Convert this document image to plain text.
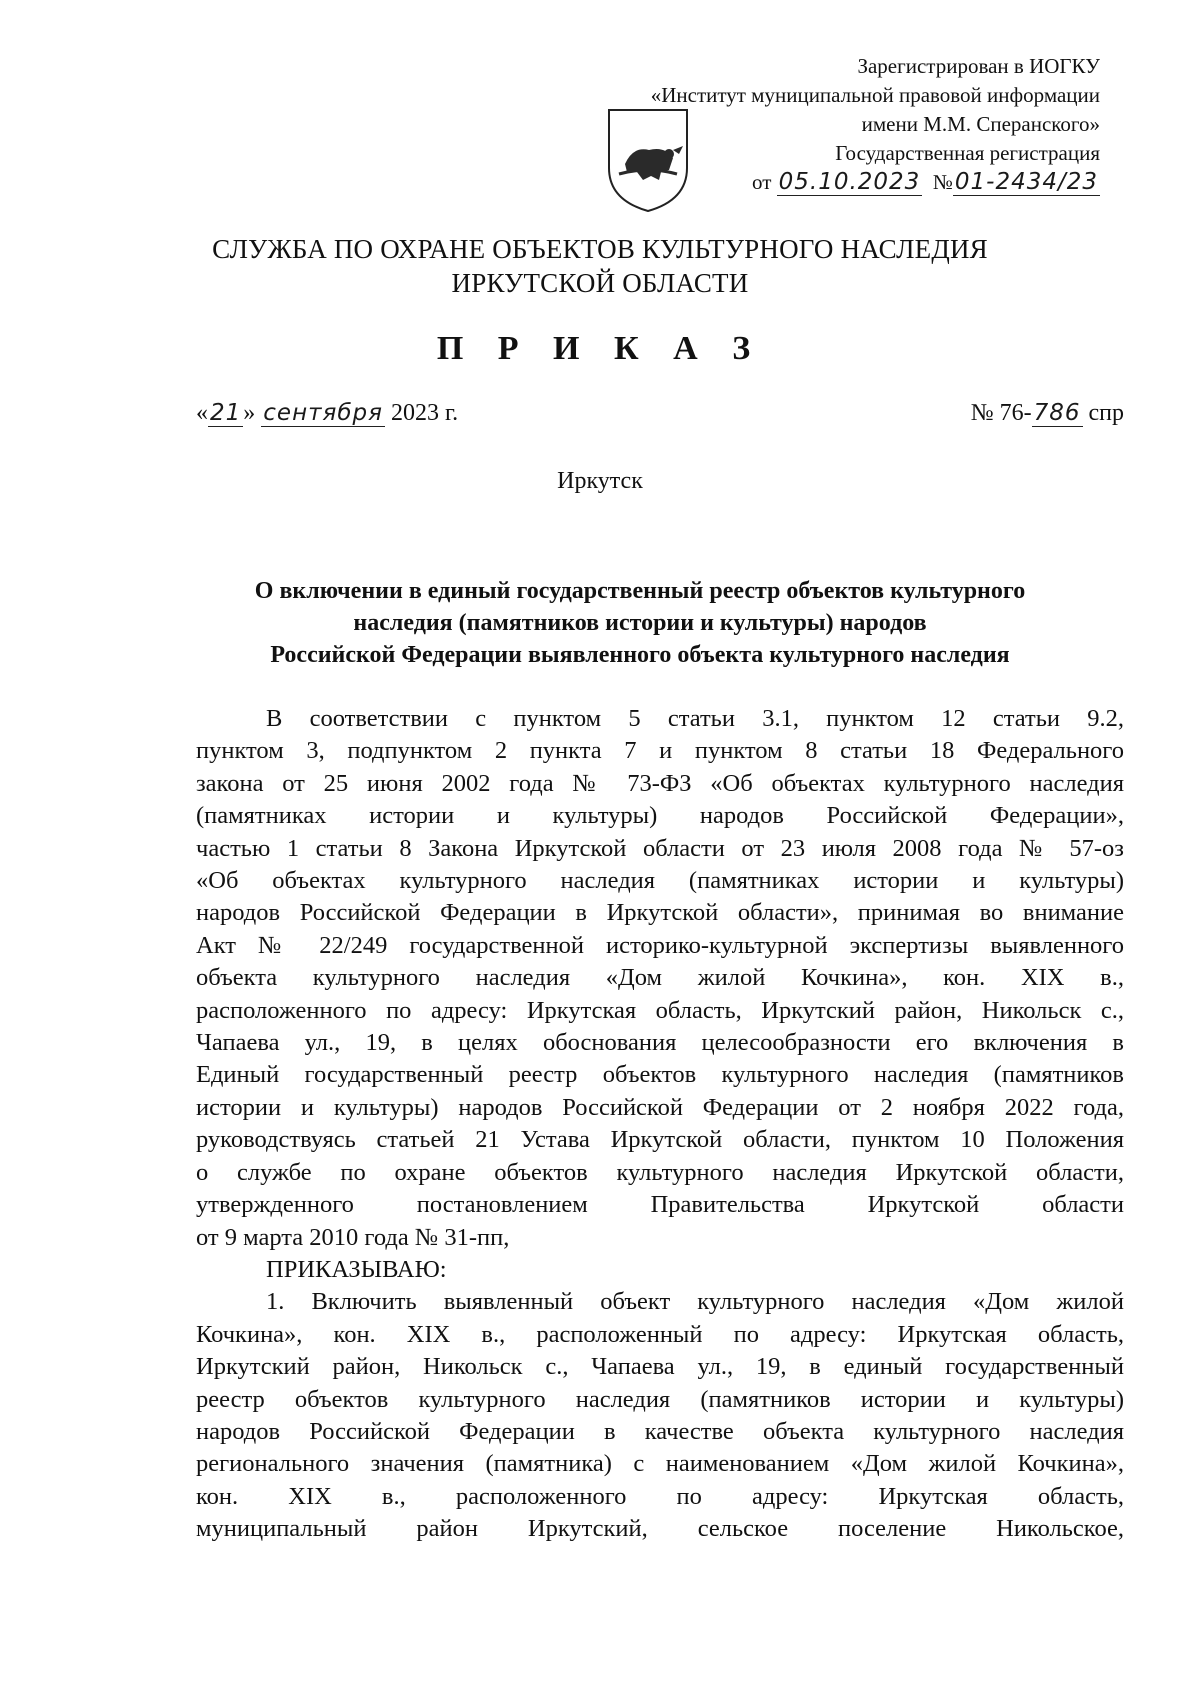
Зарегистрирован в ИОГКУ
«Институт муниципальной правовой информации
имени М.М. Сперанского»
Государственная регистрация
от 05.10.2023 №01-2434/23
СЛУЖБА ПО ОХРАНЕ ОБЪЕКТОВ КУЛЬТУРНОГО НАСЛЕДИЯ
ИРКУТСКОЙ ОБЛАСТИ
П Р И К А З
«21» сентября 2023 г.	№ 76-786 спр
Иркутск
О включении в единый государственный реестр объектов культурного
наследия (памятников истории и культуры) народов
Российской Федерации выявленного объекта культурного наследия
В соответствии с пунктом 5 статьи 3.1, пунктом 12 статьи 9.2,
пунктом 3, подпунктом 2 пункта 7 и пунктом 8 статьи 18 Федерального
закона от 25 июня 2002 года № 73-ФЗ «Об объектах культурного наследия
(памятниках истории и культуры) народов Российской Федерации»,
частью 1 статьи 8 Закона Иркутской области от 23 июля 2008 года № 57-оз
«Об объектах культурного наследия (памятниках истории и культуры)
народов Российской Федерации в Иркутской области», принимая во внимание
Акт № 22/249 государственной историко-культурной экспертизы выявленного
объекта культурного наследия «Дом жилой Кочкина», кон. XIX в.,
расположенного по адресу: Иркутская область, Иркутский район, Никольск с.,
Чапаева ул., 19, в целях обоснования целесообразности его включения в
Единый государственный реестр объектов культурного наследия (памятников
истории и культуры) народов Российской Федерации от 2 ноября 2022 года,
руководствуясь статьей 21 Устава Иркутской области, пунктом 10 Положения
о службе по охране объектов культурного наследия Иркутской области,
утвержденного постановлением Правительства Иркутской области
от 9 марта 2010 года № 31-пп,
ПРИКАЗЫВАЮ:
1. Включить выявленный объект культурного наследия «Дом жилой
Кочкина», кон. XIX в., расположенный по адресу: Иркутская область,
Иркутский район, Никольск с., Чапаева ул., 19, в единый государственный
реестр объектов культурного наследия (памятников истории и культуры)
народов Российской Федерации в качестве объекта культурного наследия
регионального значения (памятника) с наименованием «Дом жилой Кочкина»,
кон. XIX в., расположенного по адресу: Иркутская область,
муниципальный район Иркутский, сельское поселение Никольское,
